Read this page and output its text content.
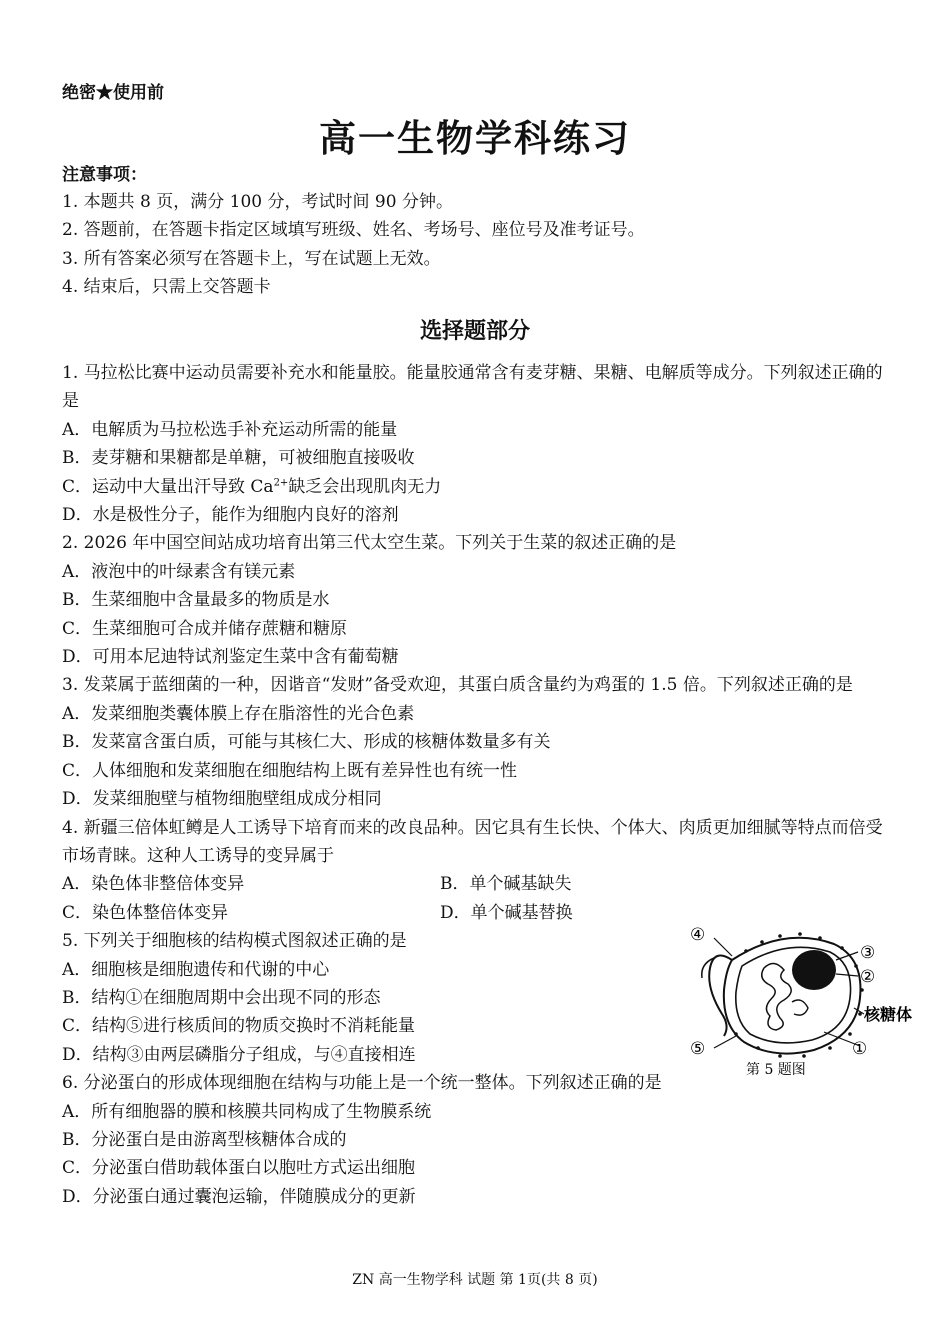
绝密★使用前
高一生物学科练习
注意事项：
1. 本题共 8 页，满分 100 分，考试时间 90 分钟。
2. 答题前，在答题卡指定区域填写班级、姓名、考场号、座位号及准考证号。
3. 所有答案必须写在答题卡上，写在试题上无效。
4. 结束后，只需上交答题卡
选择题部分
1. 马拉松比赛中运动员需要补充水和能量胶。能量胶通常含有麦芽糖、果糖、电解质等成分。下列叙述正确的是
A．电解质为马拉松选手补充运动所需的能量
B．麦芽糖和果糖都是单糖，可被细胞直接吸收
C．运动中大量出汗导致 $Ca^{2+}$缺乏会出现肌肉无力
D．水是极性分子，能作为细胞内良好的溶剂
2. 2026 年中国空间站成功培育出第三代太空生菜。下列关于生菜的叙述正确的是
A．液泡中的叶绿素含有镁元素
B．生菜细胞中含量最多的物质是水
C．生菜细胞可合成并储存蔗糖和糖原
D．可用本尼迪特试剂鉴定生菜中含有葡萄糖
3. 发菜属于蓝细菌的一种，因谐音“发财”备受欢迎，其蛋白质含量约为鸡蛋的 1.5 倍。下列叙述正确的是
A．发菜细胞类囊体膜上存在脂溶性的光合色素
B．发菜富含蛋白质，可能与其核仁大、形成的核糖体数量多有关
C．人体细胞和发菜细胞在细胞结构上既有差异性也有统一性
D．发菜细胞壁与植物细胞壁组成成分相同
4. 新疆三倍体虹鳟是人工诱导下培育而来的改良品种。因它具有生长快、个体大、肉质更加细腻等特点而倍受市场青睐。这种人工诱导的变异属于
A．染色体非整倍体变异	B．单个碱基缺失
C．染色体整倍体变异	D．单个碱基替换
5. 下列关于细胞核的结构模式图叙述正确的是
A．细胞核是细胞遗传和代谢的中心
B．结构①在细胞周期中会出现不同的形态
C．结构⑤进行核质间的物质交换时不消耗能量
D．结构③由两层磷脂分子组成，与④直接相连
6. 分泌蛋白的形成体现细胞在结构与功能上是一个统一整体。下列叙述正确的是
A．所有细胞器的膜和核膜共同构成了生物膜系统
B．分泌蛋白是由游离型核糖体合成的
C．分泌蛋白借助载体蛋白以胞吐方式运出细胞
D．分泌蛋白通过囊泡运输，伴随膜成分的更新
④
③
②
核糖体
①
⑤
第 5 题图
ZN 高一生物学科 试题 第 1页(共 8 页)
